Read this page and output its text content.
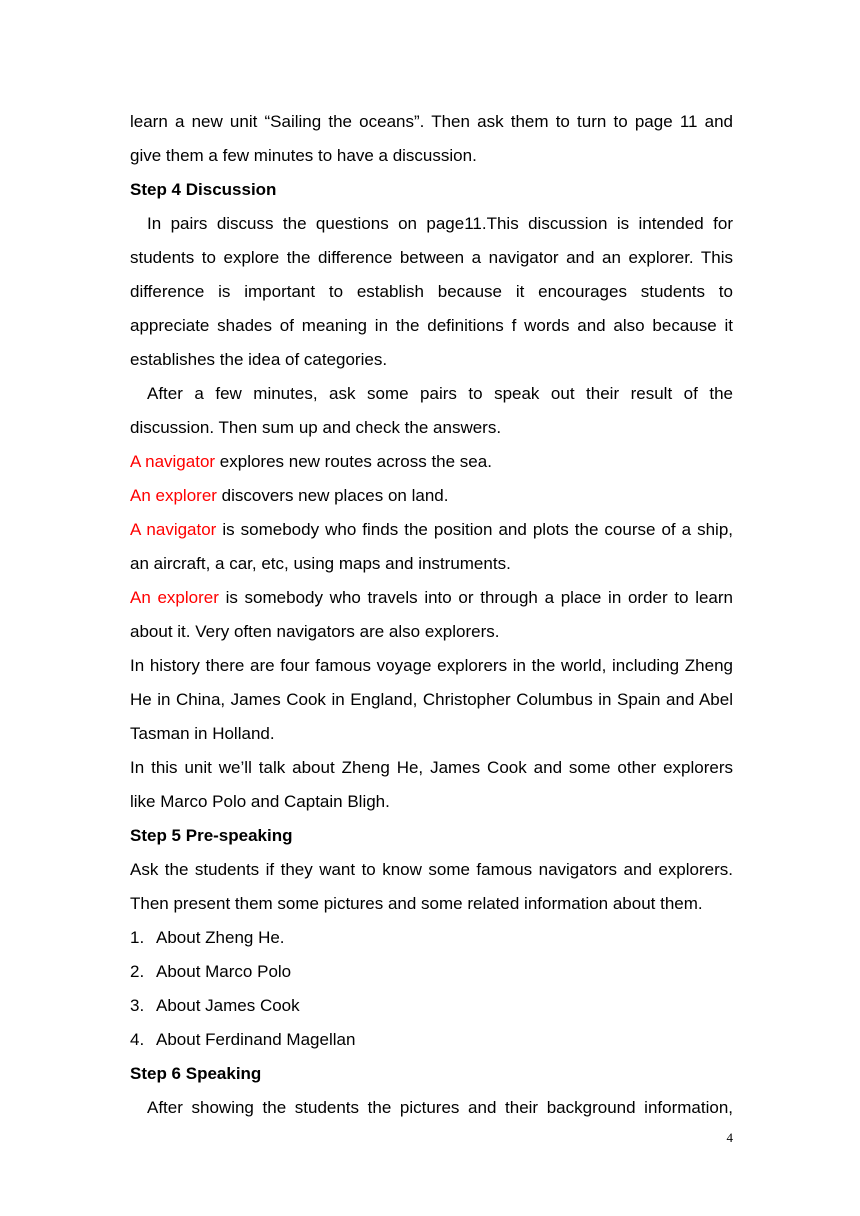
learn a new unit “Sailing the oceans”. Then ask them to turn to page 11 and
give them a few minutes to have a discussion.
Step 4 Discussion
In pairs discuss the questions on page11.This discussion is intended for
students to explore the difference between a navigator and an explorer. This
difference is important to establish because it encourages students to
appreciate shades of meaning in the definitions f words and also because it
establishes the idea of categories.
After a few minutes, ask some pairs to speak out their result of the
discussion. Then sum up and check the answers.
A navigator explores new routes across the sea.
An explorer discovers new places on land.
A navigator is somebody who finds the position and plots the course of a ship,
an aircraft, a car, etc, using maps and instruments.
An explorer is somebody who travels into or through a place in order to learn
about it. Very often navigators are also explorers.
In history there are four famous voyage explorers in the world, including Zheng
He in China, James Cook in England, Christopher Columbus in Spain and Abel
Tasman in Holland.
In this unit we’ll talk about Zheng He, James Cook and some other explorers
like Marco Polo and Captain Bligh.
Step 5 Pre-speaking
Ask the students if they want to know some famous navigators and explorers.
Then present them some pictures and some related information about them.
1. About Zheng He.
2. About Marco Polo
3. About James Cook
4. About Ferdinand Magellan
Step 6 Speaking
After showing the students the pictures and their background information,
4
